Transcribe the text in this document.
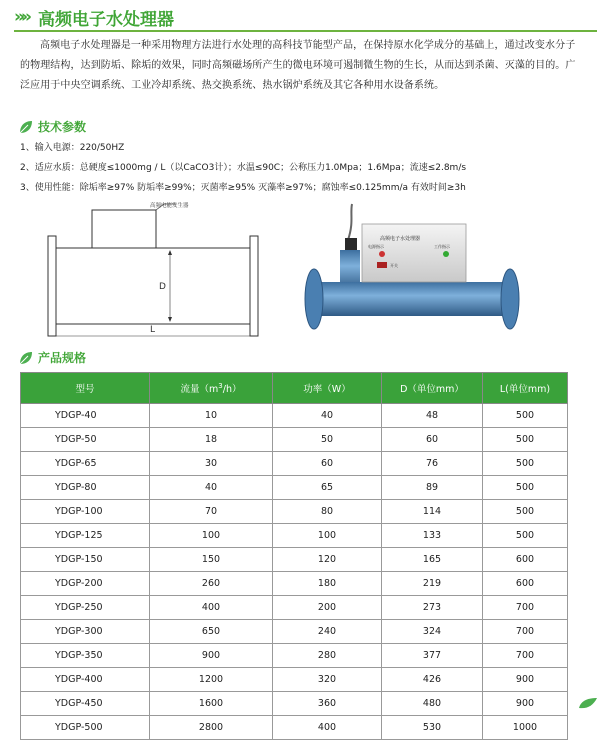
»» 高频电子水处理器
高频电子水处理器是一种采用物理方法进行水处理的高科技节能型产品，在保持原水化学成分的基础上，通过改变水分子的物理结构，达到防垢、除垢的效果，同时高频磁场所产生的微电环境可遏制微生物的生长，从而达到杀菌、灭藻的目的。广泛应用于中央空调系统、工业冷却系统、热交换系统、热水锅炉系统及其它各种用水设备系统。
技术参数
1、输入电源：220/50HZ
2、适应水质：总硬度≤1000mg / L（以CaCO3计）；水温≤90C；公称压力1.0Mpa；1.6Mpa；流速≤2.8m/s
3、使用性能：除垢率≥97% 防垢率≥99%；灭菌率≥95% 灭藻率≥97%；腐蚀率≤0.125mm/a 有效时间≥3h
高频电能发生器
D
L
高频电子水处理器
电源指示	工作指示
开关
产品规格
型号	流量$(m^3/h)$	功率（W）	D（单位mm）	L(单位mm)
YDGP-40	10	40	48	500
YDGP-50	18	50	60	500
YDGP-65	30	60	76	500
YDGP-80	40	65	89	500
YDGP-100	70	80	114	500
YDGP-125	100	100	133	500
YDGP-150	150	120	165	600
YDGP-200	260	180	219	600
YDGP-250	400	200	273	700
YDGP-300	650	240	324	700
YDGP-350	900	280	377	700
YDGP-400	1200	320	426	900
YDGP-450	1600	360	480	900
YDGP-500	2800	400	530	1000
